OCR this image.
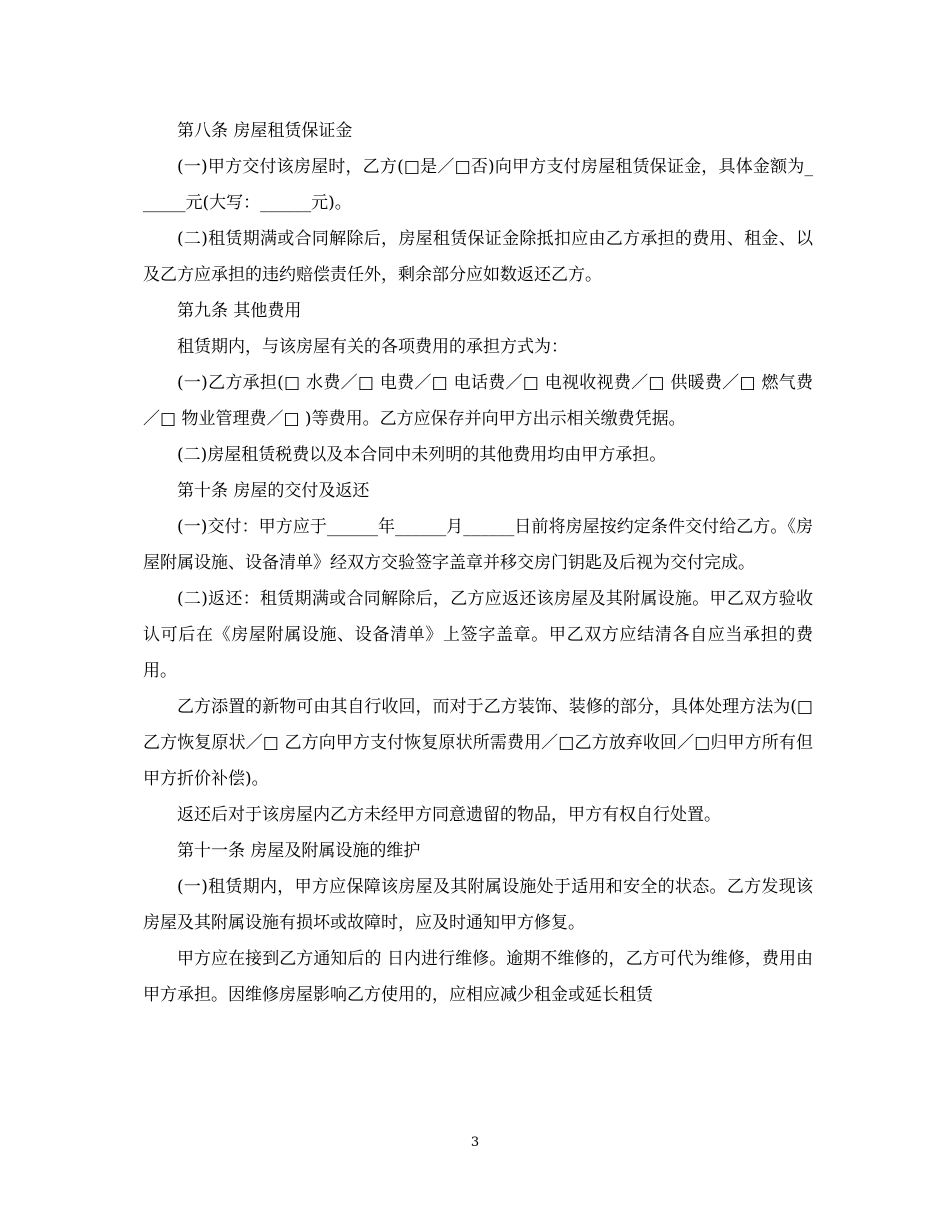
第八条 房屋租赁保证金

(一)甲方交付该房屋时，乙方(□是／□否)向甲方支付房屋租赁保证金，具体金额为______元(大写：______元)。

(二)租赁期满或合同解除后，房屋租赁保证金除抵扣应由乙方承担的费用、租金、以及乙方应承担的违约赔偿责任外，剩余部分应如数返还乙方。

第九条 其他费用

租赁期内，与该房屋有关的各项费用的承担方式为：

(一)乙方承担(□ 水费／□ 电费／□ 电话费／□ 电视收视费／□ 供暖费／□ 燃气费／□ 物业管理费／□ )等费用。乙方应保存并向甲方出示相关缴费凭据。

(二)房屋租赁税费以及本合同中未列明的其他费用均由甲方承担。

第十条 房屋的交付及返还

(一)交付：甲方应于______年______月______日前将房屋按约定条件交付给乙方。《房屋附属设施、设备清单》经双方交验签字盖章并移交房门钥匙及后视为交付完成。

(二)返还：租赁期满或合同解除后，乙方应返还该房屋及其附属设施。甲乙双方验收认可后在《房屋附属设施、设备清单》上签字盖章。甲乙双方应结清各自应当承担的费用。

乙方添置的新物可由其自行收回，而对于乙方装饰、装修的部分，具体处理方法为(□乙方恢复原状／□ 乙方向甲方支付恢复原状所需费用／□乙方放弃收回／□归甲方所有但甲方折价补偿)。

返还后对于该房屋内乙方未经甲方同意遗留的物品，甲方有权自行处置。

第十一条 房屋及附属设施的维护

(一)租赁期内，甲方应保障该房屋及其附属设施处于适用和安全的状态。乙方发现该房屋及其附属设施有损坏或故障时，应及时通知甲方修复。

甲方应在接到乙方通知后的 日内进行维修。逾期不维修的，乙方可代为维修，费用由甲方承担。因维修房屋影响乙方使用的，应相应减少租金或延长租赁

3
